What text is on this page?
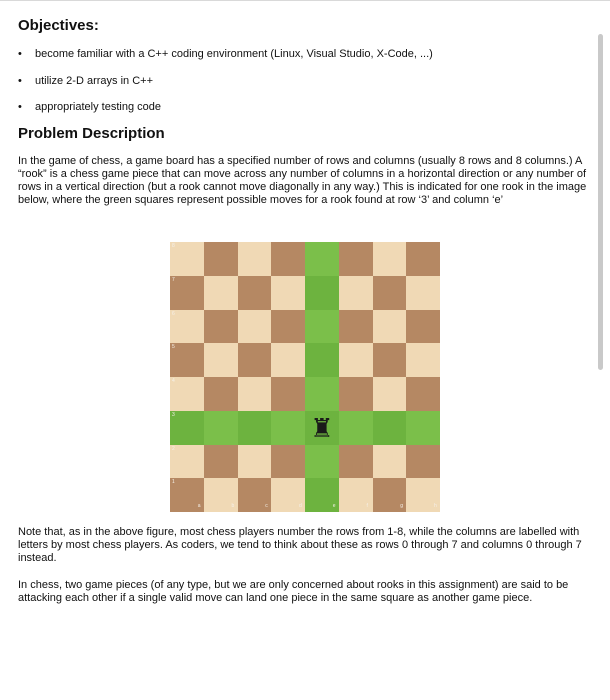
Objectives:
• become familiar with a C++ coding environment (Linux, Visual Studio, X-Code, ...)
• utilize 2-D arrays in C++
• appropriately testing code
Problem Description

In the game of chess, a game board has a specified number of rows and columns (usually 8 rows and 8 columns.) A “rook” is a chess game piece that can move across any number of columns in a horizontal direction or any number of rows in a vertical direction (but a rook cannot move diagonally in any way.) This is indicated for one rook in the image below, where the green squares represent possible moves for a rook found at row ‘3’ and column ‘e’

8
7
6
5
4
3
2
1
a	b	c	d	e	f	g	h
♜

Note that, as in the above figure, most chess players number the rows from 1-8, while the columns are labelled with letters by most chess players. As coders, we tend to think about these as rows 0 through 7 and columns 0 through 7 instead.

In chess, two game pieces (of any type, but we are only concerned about rooks in this assignment) are said to be attacking each other if a single valid move can land one piece in the same square as another game piece.
